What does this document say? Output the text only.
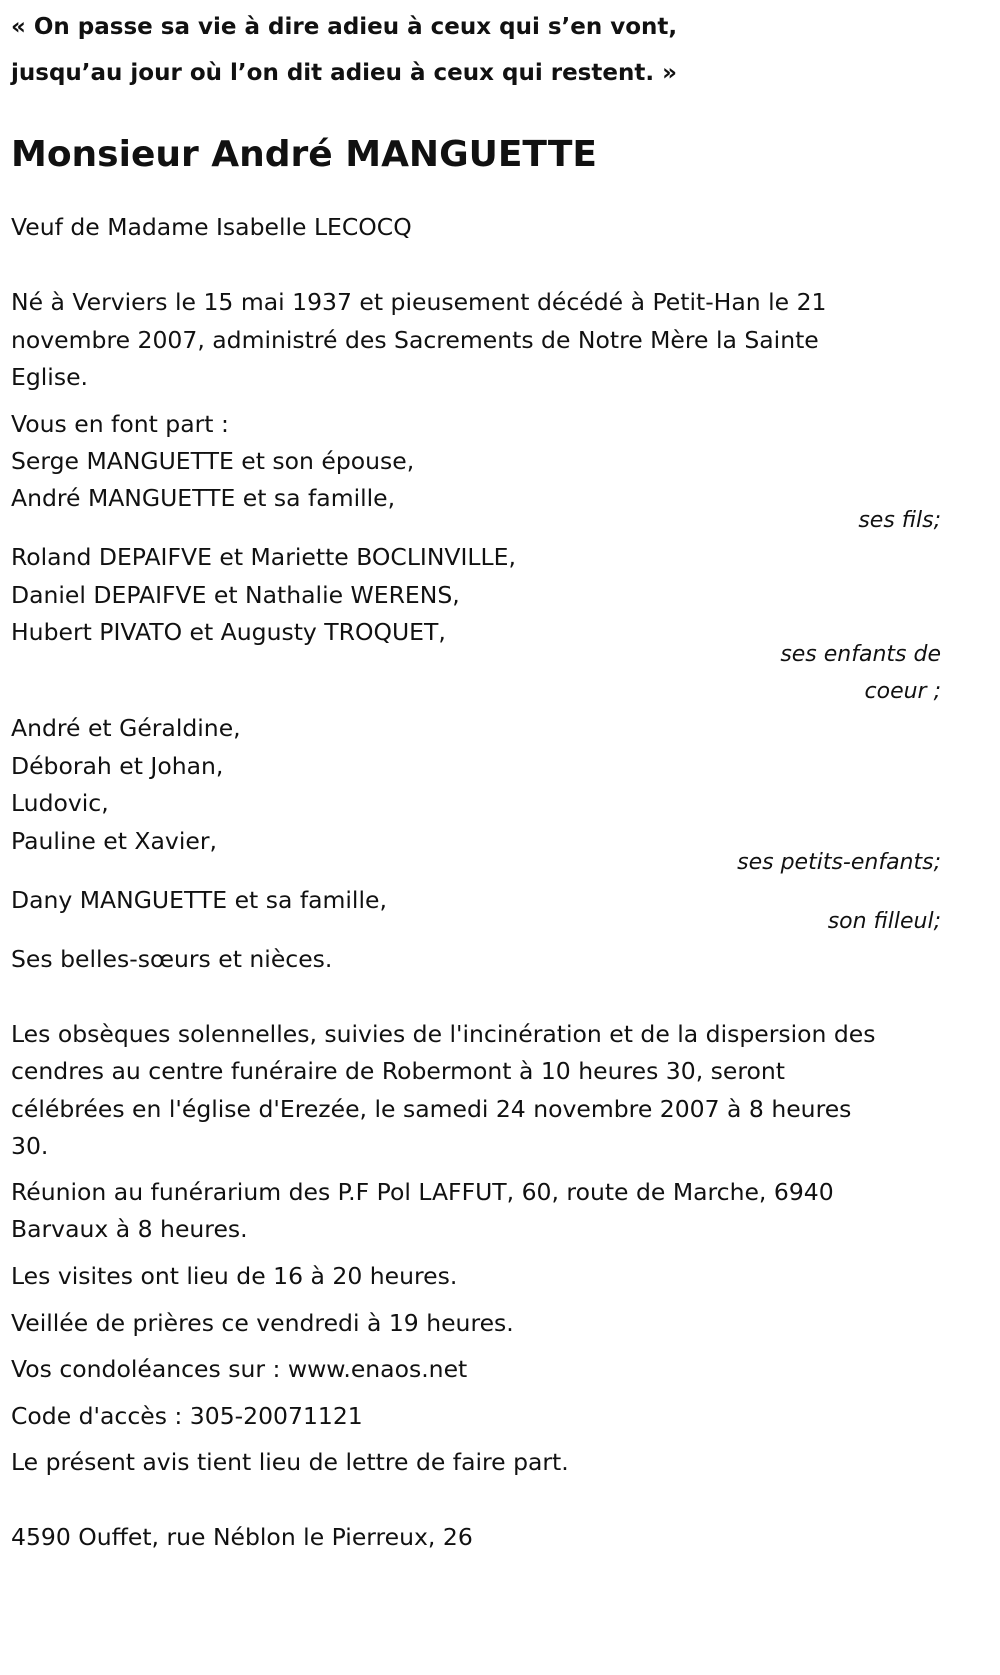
« On passe sa vie à dire adieu à ceux qui s’en vont,
jusqu’au jour où l’on dit adieu à ceux qui restent. »
Monsieur André MANGUETTE
Veuf de Madame Isabelle LECOCQ
Né à Verviers le 15 mai 1937 et pieusement décédé à Petit-Han le 21
novembre 2007, administré des Sacrements de Notre Mère la Sainte
Eglise.
Vous en font part :
Serge MANGUETTE et son épouse,
André MANGUETTE et sa famille,
ses fils;
Roland DEPAIFVE et Mariette BOCLINVILLE,
Daniel DEPAIFVE et Nathalie WERENS,
Hubert PIVATO et Augusty TROQUET,
ses enfants de
coeur ;
André et Géraldine,
Déborah et Johan,
Ludovic,
Pauline et Xavier,
ses petits-enfants;
Dany MANGUETTE et sa famille,
son filleul;
Ses belles-sœurs et nièces.
Les obsèques solennelles, suivies de l'incinération et de la dispersion des
cendres au centre funéraire de Robermont à 10 heures 30, seront
célébrées en l'église d'Erezée, le samedi 24 novembre 2007 à 8 heures
30.
Réunion au funérarium des P.F Pol LAFFUT, 60, route de Marche, 6940
Barvaux à 8 heures.
Les visites ont lieu de 16 à 20 heures.
Veillée de prières ce vendredi à 19 heures.
Vos condoléances sur : www.enaos.net
Code d'accès : 305-20071121
Le présent avis tient lieu de lettre de faire part.
4590 Ouffet, rue Néblon le Pierreux, 26
